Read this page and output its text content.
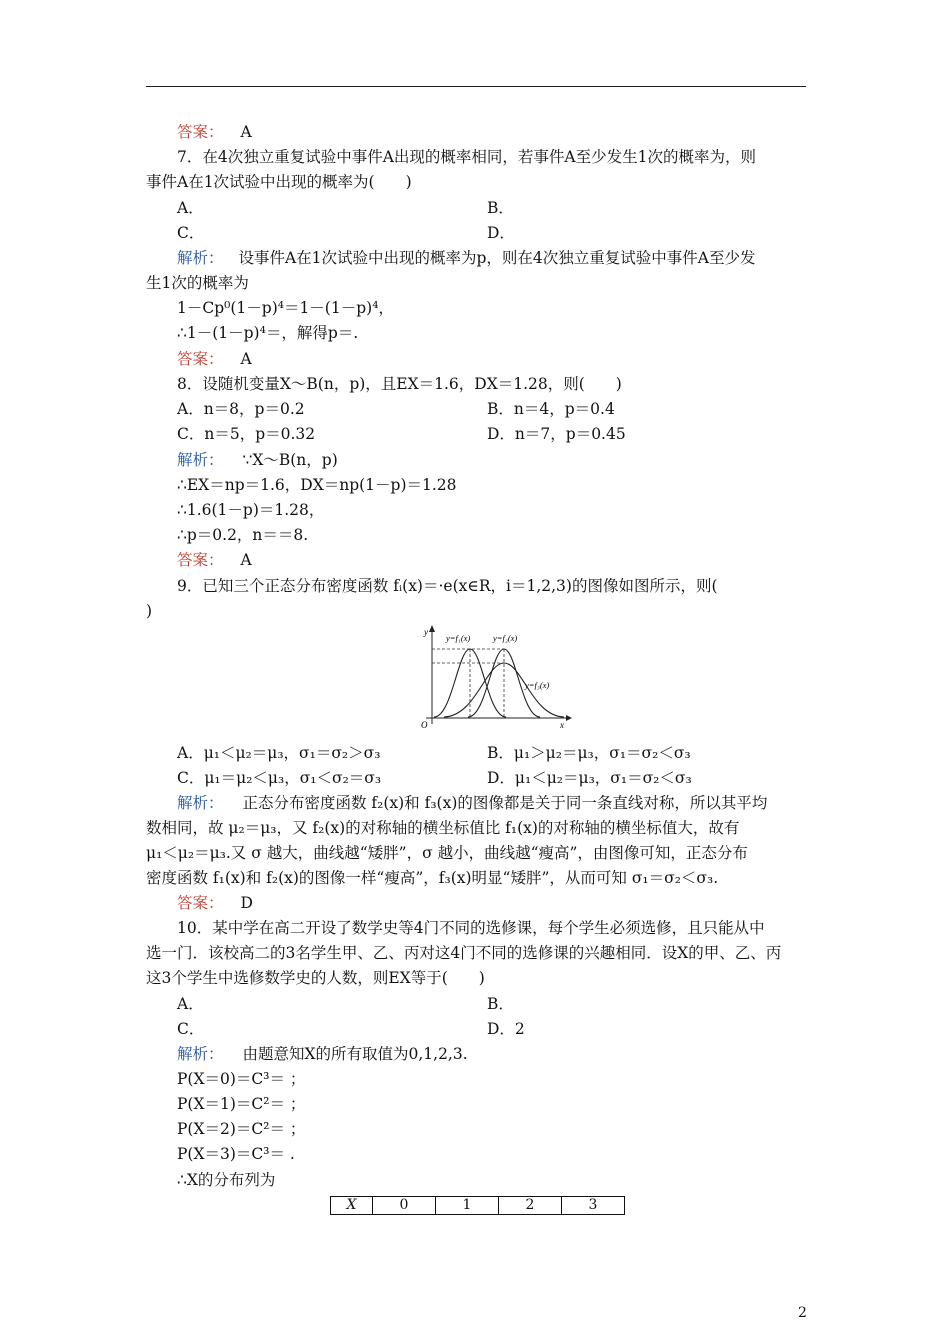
答案： A
7．在4次独立重复试验中事件A出现的概率相同，若事件A至少发生1次的概率为，则
事件A在1次试验中出现的概率为(　　)
A．	B．
C．	D．
解析： 设事件A在1次试验中出现的概率为p，则在4次独立重复试验中事件A至少发
生1次的概率为
1－Cp⁰(1－p)⁴＝1－(1－p)⁴，
∴1－(1－p)⁴＝，解得p＝.
答案： A
8．设随机变量X～B(n，p)，且EX＝1.6，DX＝1.28，则(　　)
A．n＝8，p＝0.2	B．n＝4，p＝0.4
C．n＝5，p＝0.32	D．n＝7，p＝0.45
解析： ∵X～B(n，p)
∴EX＝np＝1.6，DX＝np(1－p)＝1.28
∴1.6(1－p)＝1.28，
∴p＝0.2，n＝＝8.
答案： A
9．已知三个正态分布密度函数 fᵢ(x)＝·e(x∈R，i＝1,2,3)的图像如图所示，则(
)
y
x
O
y=f₁(x)	y=f₂(x)
y=f₃(x)
A．μ₁＜μ₂＝μ₃，σ₁＝σ₂＞σ₃	B．μ₁＞μ₂＝μ₃，σ₁＝σ₂＜σ₃
C．μ₁＝μ₂＜μ₃，σ₁＜σ₂＝σ₃	D．μ₁＜μ₂＝μ₃，σ₁＝σ₂＜σ₃
解析： 正态分布密度函数 f₂(x)和 f₃(x)的图像都是关于同一条直线对称，所以其平均
数相同，故 μ₂＝μ₃，又 f₂(x)的对称轴的横坐标值比 f₁(x)的对称轴的横坐标值大，故有
μ₁＜μ₂＝μ₃.又 σ 越大，曲线越“矮胖”，σ 越小，曲线越“瘦高”，由图像可知，正态分布
密度函数 f₁(x)和 f₂(x)的图像一样“瘦高”，f₃(x)明显“矮胖”，从而可知 σ₁＝σ₂＜σ₃.
答案： D
10．某中学在高二开设了数学史等4门不同的选修课，每个学生必须选修，且只能从中
选一门．该校高二的3名学生甲、乙、丙对这4门不同的选修课的兴趣相同．设X的甲、乙、丙
这3个学生中选修数学史的人数，则EX等于(　　)
A．	B．
C．	D．2
解析： 由题意知X的所有取值为0,1,2,3.
P(X＝0)＝C³＝ ；
P(X＝1)＝C²＝ ；
P(X＝2)＝C²＝ ；
P(X＝3)＝C³＝ .
∴X的分布列为
X	0	1	2	3
2
